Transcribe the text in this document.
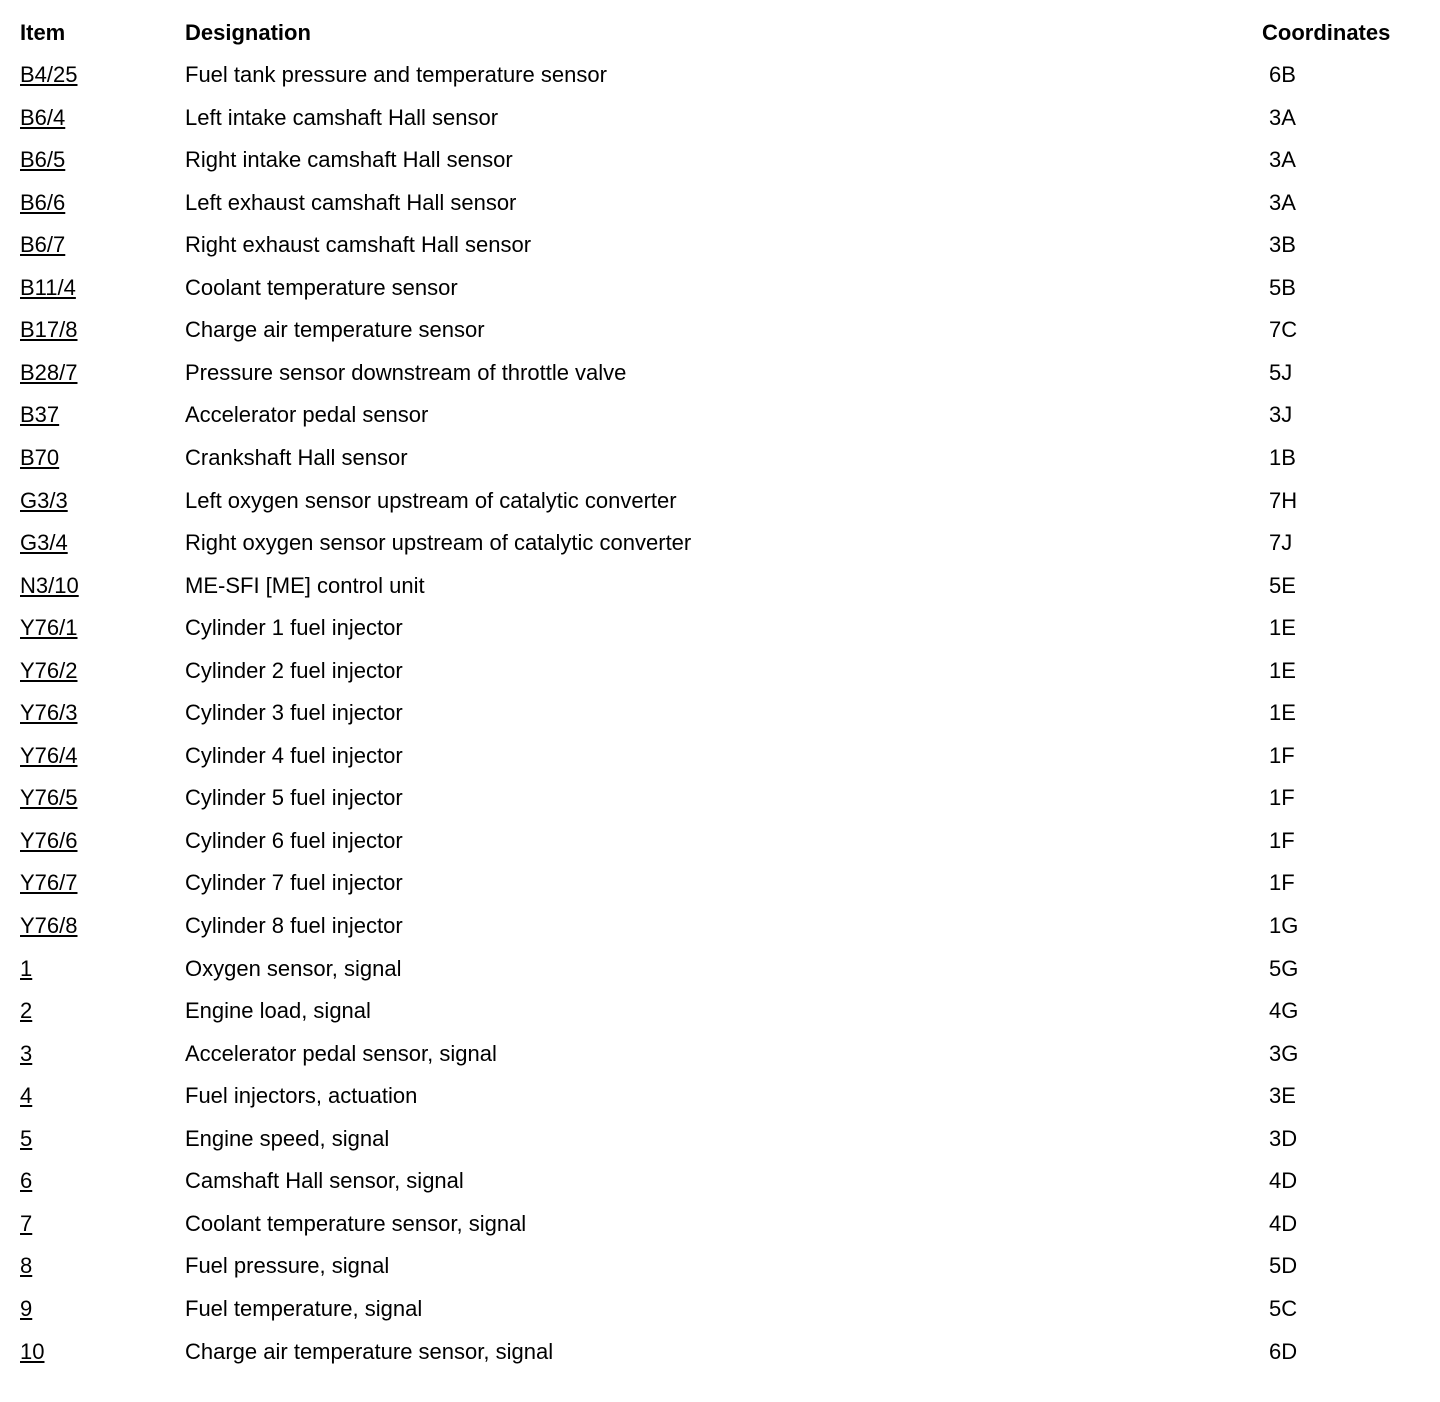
Item	Designation	Coordinates
B4/25	Fuel tank pressure and temperature sensor	6B
B6/4	Left intake camshaft Hall sensor	3A
B6/5	Right intake camshaft Hall sensor	3A
B6/6	Left exhaust camshaft Hall sensor	3A
B6/7	Right exhaust camshaft Hall sensor	3B
B11/4	Coolant temperature sensor	5B
B17/8	Charge air temperature sensor	7C
B28/7	Pressure sensor downstream of throttle valve	5J
B37	Accelerator pedal sensor	3J
B70	Crankshaft Hall sensor	1B
G3/3	Left oxygen sensor upstream of catalytic converter	7H
G3/4	Right oxygen sensor upstream of catalytic converter	7J
N3/10	ME-SFI [ME] control unit	5E
Y76/1	Cylinder 1 fuel injector	1E
Y76/2	Cylinder 2 fuel injector	1E
Y76/3	Cylinder 3 fuel injector	1E
Y76/4	Cylinder 4 fuel injector	1F
Y76/5	Cylinder 5 fuel injector	1F
Y76/6	Cylinder 6 fuel injector	1F
Y76/7	Cylinder 7 fuel injector	1F
Y76/8	Cylinder 8 fuel injector	1G
1	Oxygen sensor, signal	5G
2	Engine load, signal	4G
3	Accelerator pedal sensor, signal	3G
4	Fuel injectors, actuation	3E
5	Engine speed, signal	3D
6	Camshaft Hall sensor, signal	4D
7	Coolant temperature sensor, signal	4D
8	Fuel pressure, signal	5D
9	Fuel temperature, signal	5C
10	Charge air temperature sensor, signal	6D
